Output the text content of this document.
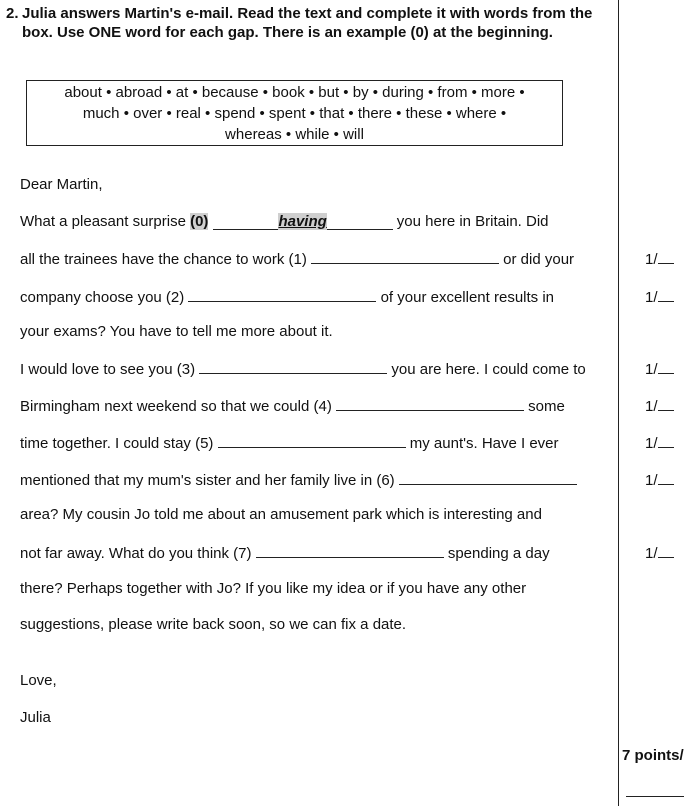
2. Julia answers Martin's e-mail. Read the text and complete it with words from the box. Use ONE word for each gap. There is an example (0) at the beginning.
about • abroad • at • because • book • but • by • during • from • more •
much • over • real • spend • spent • that • there • these • where •
whereas • while • will
Dear Martin,
What a pleasant surprise (0)	having	you here in Britain. Did
all the trainees have the chance to work (1)	or did your	1/
company choose you (2)	of your excellent results in	1/
your exams? You have to tell me more about it.
I would love to see you (3)	you are here. I could come to	1/
Birmingham next weekend so that we could (4)	some	1/
time together. I could stay (5)	my aunt's. Have I ever	1/
mentioned that my mum's sister and her family live in (6)	1/
area? My cousin Jo told me about an amusement park which is interesting and
not far away. What do you think (7)	spending a day	1/
there? Perhaps together with Jo? If you like my idea or if you have any other
suggestions, please write back soon, so we can fix a date.
Love,
Julia
7 points/
